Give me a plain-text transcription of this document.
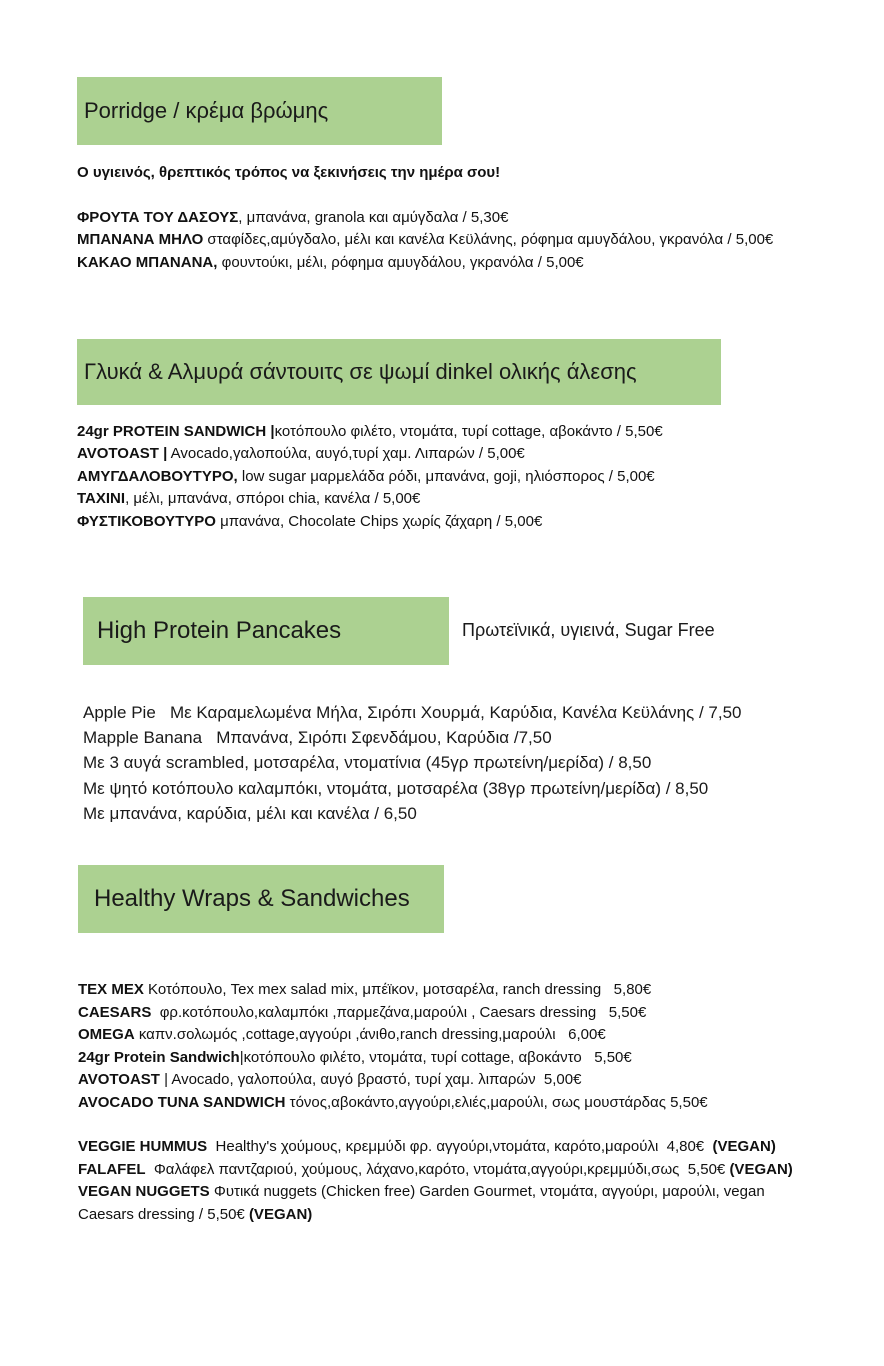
Porridge / κρέμα βρώμης
Ο υγιεινός, θρεπτικός τρόπος να ξεκινήσεις την ημέρα σου!
ΦΡΟΥΤΑ ΤΟΥ ΔΑΣΟΥΣ, μπανάνα, granola και αμύγδαλα / 5,30€
ΜΠΑΝΑΝΑ ΜΗΛΟ σταφίδες,αμύγδαλο, μέλι και κανέλα Κεϋλάνης, ρόφημα αμυγδάλου, γκρανόλα / 5,00€
ΚΑΚΑΟ ΜΠΑΝΑΝΑ, φουντούκι, μέλι, ρόφημα αμυγδάλου, γκρανόλα / 5,00€
Γλυκά & Αλμυρά σάντουιτς σε ψωμί dinkel ολικής άλεσης
24gr PROTEIN SANDWICH |κοτόπουλο φιλέτο, ντομάτα, τυρί cottage, αβοκάντο / 5,50€
AVOTOAST | Avocado,γαλοπούλα, αυγό,τυρί χαμ. Λιπαρών / 5,00€
ΑΜΥΓΔΑΛΟΒΟΥΤΥΡΟ, low sugar μαρμελάδα ρόδι, μπανάνα, goji, ηλιόσπορος / 5,00€
ΤΑΧΙΝΙ, μέλι, μπανάνα, σπόροι chia, κανέλα / 5,00€
ΦΥΣΤΙΚΟΒΟΥΤΥΡΟ μπανάνα, Chocolate Chips χωρίς ζάχαρη / 5,00€
High Protein Pancakes	Πρωτεϊνικά, υγιεινά, Sugar Free
Apple Pie   Με Καραμελωμένα Μήλα, Σιρόπι Χουρμά, Καρύδια, Κανέλα Κεϋλάνης / 7,50
Mapple Banana   Μπανάνα, Σιρόπι Σφενδάμου, Καρύδια /7,50
Με 3 αυγά scrambled, μοτσαρέλα, ντοματίνια (45γρ πρωτείνη/μερίδα) / 8,50
Με ψητό κοτόπουλο καλαμπόκι, ντομάτα, μοτσαρέλα (38γρ πρωτείνη/μερίδα) / 8,50
Με μπανάνα, καρύδια, μέλι και κανέλα / 6,50
Healthy Wraps & Sandwiches
TEX MEX Κοτόπουλο, Tex mex salad mix, μπέϊκον, μοτσαρέλα, ranch dressing   5,80€
CAESARS  φρ.κοτόπουλο,καλαμπόκι ,παρμεζάνα,μαρούλι , Caesars dressing   5,50€
OMEGA καπν.σολωμός ,cottage,αγγούρι ,άνιθο,ranch dressing,μαρούλι   6,00€
24gr Protein Sandwich|κοτόπουλο φιλέτο, ντομάτα, τυρί cottage, αβοκάντο   5,50€
AVOTOAST | Avocado, γαλοπούλα, αυγό βραστό, τυρί χαμ. λιπαρών  5,00€
AVOCADO TUNA SANDWICH τόνος,αβοκάντο,αγγούρι,ελιές,μαρούλι, σως μουστάρδας 5,50€
VEGGIE HUMMUS  Healthy's χούμους, κρεμμύδι φρ. αγγούρι,ντομάτα, καρότο,μαρούλι  4,80€  (VEGAN)
FALAFEL  Φαλάφελ παντζαριού, χούμους, λάχανο,καρότο, ντομάτα,αγγούρι,κρεμμύδι,σως  5,50€ (VEGAN)
VEGAN NUGGETS Φυτικά nuggets (Chicken free) Garden Gourmet, ντομάτα, αγγούρι, μαρούλι, vegan
Caesars dressing / 5,50€ (VEGAN)
